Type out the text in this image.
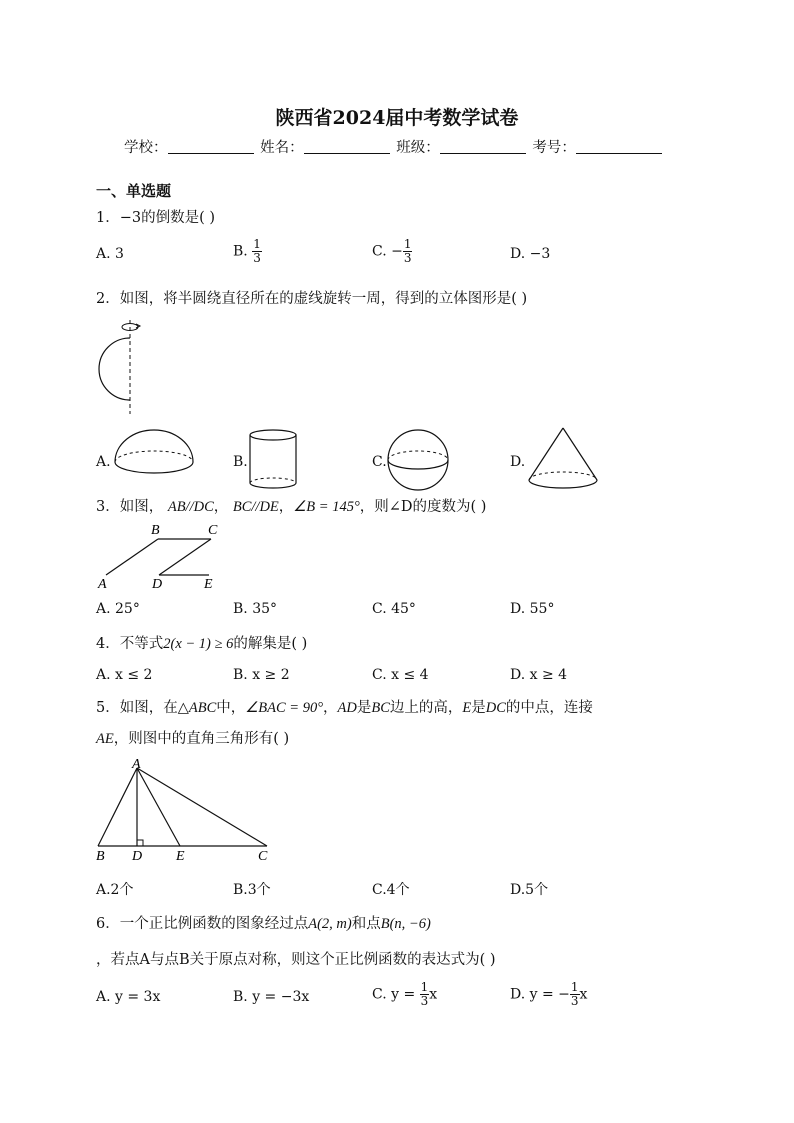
陕西省2024届中考数学试卷
学校：	姓名：	班级：	考号：
一、单选题
1．−3的倒数是( )
A. 3	B. $\frac{1}{3}$	C. − $\frac{1}{3}$	D. −3
2．如图，将半圆绕直径所在的虚线旋转一周，得到的立体图形是( )
A.	B.	C.	D.
3．如图， AB//DC， BC//DE，∠B = 145°，则∠D的度数为( )
A
B	C
D	E
A. 25°	B. 35°	C. 45°	D. 55°
4．不等式2(x − 1) ≥ 6的解集是( )
A. x ≤ 2	B. x ≥ 2	C. x ≤ 4	D. x ≥ 4
5．如图，在△ABC中，∠BAC = 90°，AD是BC边上的高，E是DC的中点，连接
AE，则图中的直角三角形有( )
A
B D E	C
A.2个	B.3个	C.4个	D.5个
6．一个正比例函数的图象经过点A(2, m)和点B(n, −6)
，若点A与点B关于原点对称，则这个正比例函数的表达式为( )
A. y = 3x	B. y = −3x	C. $y = \frac{1}{3}$ x	D. y = − $\frac{1}{3}$ x
